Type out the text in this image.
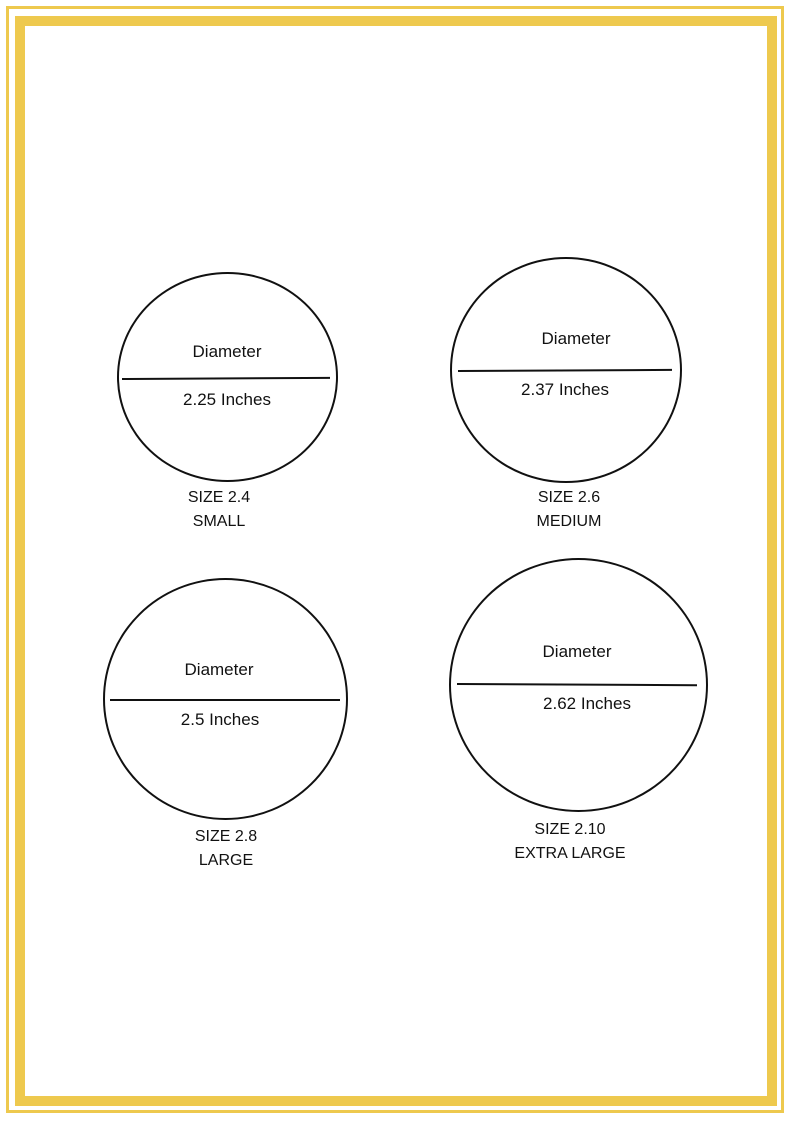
Diameter
2.25 Inches
SIZE 2.4
SMALL
Diameter
2.37 Inches
SIZE 2.6
MEDIUM
Diameter
2.5 Inches
SIZE 2.8
LARGE
Diameter
2.62 Inches
SIZE 2.10
EXTRA LARGE
